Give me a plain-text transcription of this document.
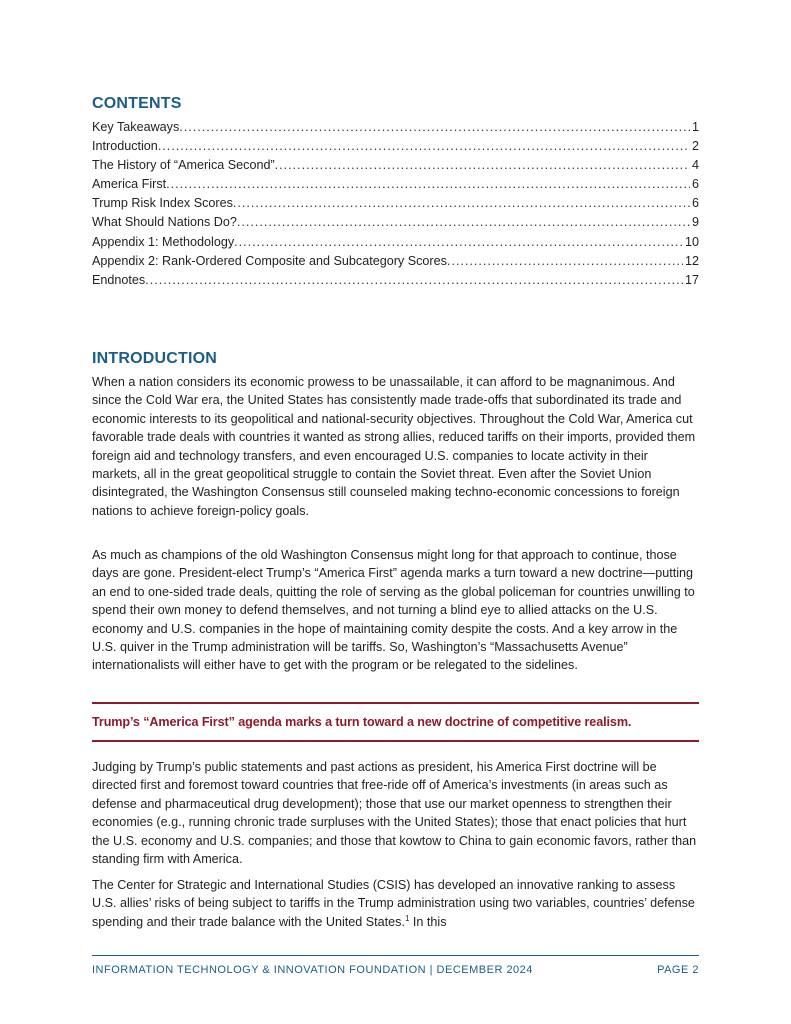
CONTENTS
Key Takeaways .....	1
Introduction .....	2
The History of “America Second” .....	4
America First .....	6
Trump Risk Index Scores .....	6
What Should Nations Do? .....	9
Appendix 1: Methodology .....	10
Appendix 2: Rank-Ordered Composite and Subcategory Scores .....	12
Endnotes .....	17
INTRODUCTION

When a nation considers its economic prowess to be unassailable, it can afford to be magnanimous. And since the Cold War era, the United States has consistently made trade-offs that subordinated its trade and economic interests to its geopolitical and national-security objectives. Throughout the Cold War, America cut favorable trade deals with countries it wanted as strong allies, reduced tariffs on their imports, provided them foreign aid and technology transfers, and even encouraged U.S. companies to locate activity in their markets, all in the great geopolitical struggle to contain the Soviet threat. Even after the Soviet Union disintegrated, the Washington Consensus still counseled making techno-economic concessions to foreign nations to achieve foreign-policy goals.

As much as champions of the old Washington Consensus might long for that approach to continue, those days are gone. President-elect Trump’s “America First” agenda marks a turn toward a new doctrine—putting an end to one-sided trade deals, quitting the role of serving as the global policeman for countries unwilling to spend their own money to defend themselves, and not turning a blind eye to allied attacks on the U.S. economy and U.S. companies in the hope of maintaining comity despite the costs. And a key arrow in the U.S. quiver in the Trump administration will be tariffs. So, Washington’s “Massachusetts Avenue” internationalists will either have to get with the program or be relegated to the sidelines.

Trump’s “America First” agenda marks a turn toward a new doctrine of competitive realism.

Judging by Trump’s public statements and past actions as president, his America First doctrine will be directed first and foremost toward countries that free-ride off of America’s investments (in areas such as defense and pharmaceutical drug development); those that use our market openness to strengthen their economies (e.g., running chronic trade surpluses with the United States); those that enact policies that hurt the U.S. economy and U.S. companies; and those that kowtow to China to gain economic favors, rather than standing firm with America.

The Center for Strategic and International Studies (CSIS) has developed an innovative ranking to assess U.S. allies’ risks of being subject to tariffs in the Trump administration using two variables, countries’ defense spending and their trade balance with the United States.$^1$ In this

INFORMATION TECHNOLOGY & INNOVATION FOUNDATION | DECEMBER 2024	PAGE 2
